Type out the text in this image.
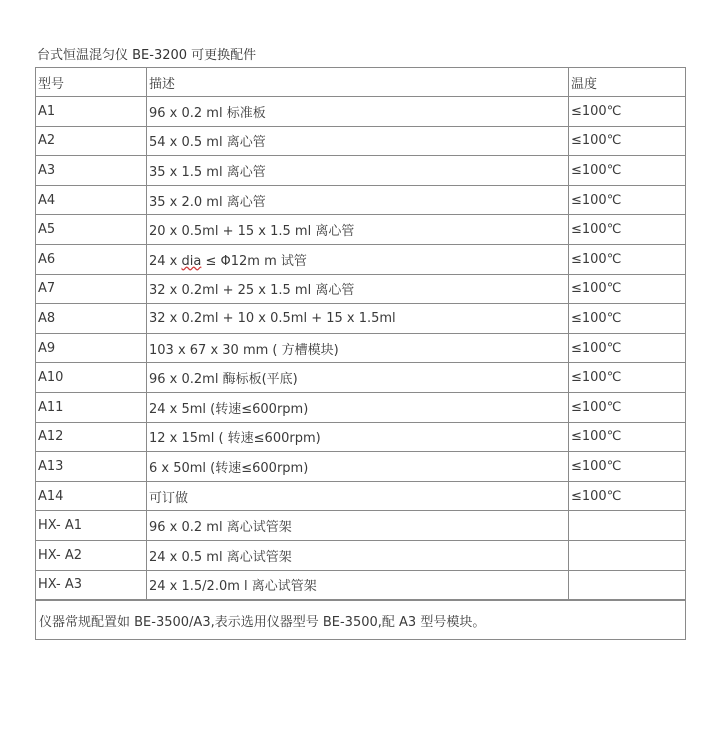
台式恒温混匀仪 BE-3200 可更换配件
型号	描述	温度
A1	96 x 0.2 ml 标准板	≤100℃
A2	54 x 0.5 ml 离心管	≤100℃
A3	35 x 1.5 ml 离心管	≤100℃
A4	35 x 2.0 ml 离心管	≤100℃
A5	20 x 0.5ml + 15 x 1.5 ml 离心管	≤100℃
A6	24 x dia ≤ Φ12m m 试管	≤100℃
A7	32 x 0.2ml + 25 x 1.5 ml 离心管	≤100℃
A8	32 x 0.2ml + 10 x 0.5ml + 15 x 1.5ml	≤100℃
A9	103 x 67 x 30 mm ( 方槽模块)	≤100℃
A10	96 x 0.2ml 酶标板(平底)	≤100℃
A11	24 x 5ml (转速≤600rpm)	≤100℃
A12	12 x 15ml ( 转速≤600rpm)	≤100℃
A13	6 x 50ml (转速≤600rpm)	≤100℃
A14	可订做	≤100℃
HX- A1	96 x 0.2 ml 离心试管架	
HX- A2	24 x 0.5 ml 离心试管架	
HX- A3	24 x 1.5/2.0m l 离心试管架	
仪器常规配置如 BE-3500/A3,表示选用仪器型号 BE-3500,配 A3 型号模块。		
